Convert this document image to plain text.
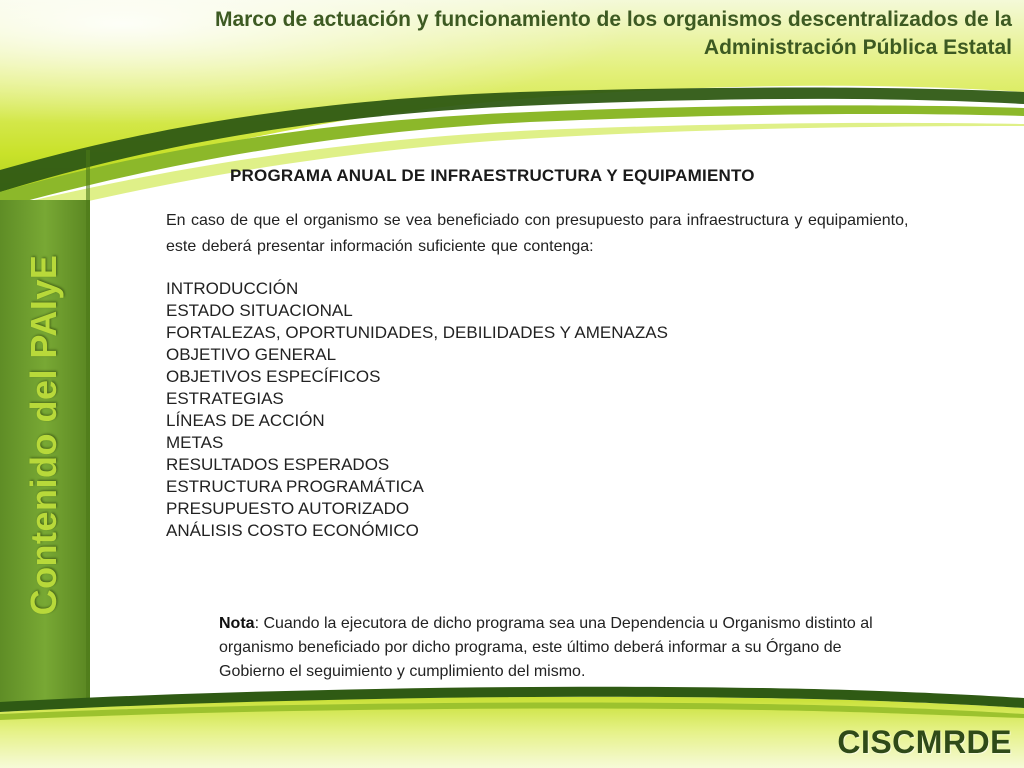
Marco de actuación y funcionamiento de los organismos descentralizados de la
Administración Pública Estatal
Contenido del PAIyE
PROGRAMA ANUAL DE INFRAESTRUCTURA Y EQUIPAMIENTO

En caso de que el organismo se vea beneficiado con presupuesto para infraestructura y equipamiento, este deberá presentar información suficiente que contenga:

INTRODUCCIÓN
ESTADO SITUACIONAL
FORTALEZAS, OPORTUNIDADES, DEBILIDADES Y AMENAZAS
OBJETIVO GENERAL
OBJETIVOS ESPECÍFICOS
ESTRATEGIAS
LÍNEAS DE ACCIÓN
METAS
RESULTADOS ESPERADOS
ESTRUCTURA PROGRAMÁTICA
PRESUPUESTO AUTORIZADO
ANÁLISIS COSTO ECONÓMICO

Nota: Cuando la ejecutora de dicho programa sea una Dependencia u Organismo distinto al organismo beneficiado por dicho programa, este último deberá informar a su Órgano de Gobierno el seguimiento y cumplimiento del mismo.

CISCMRDE
